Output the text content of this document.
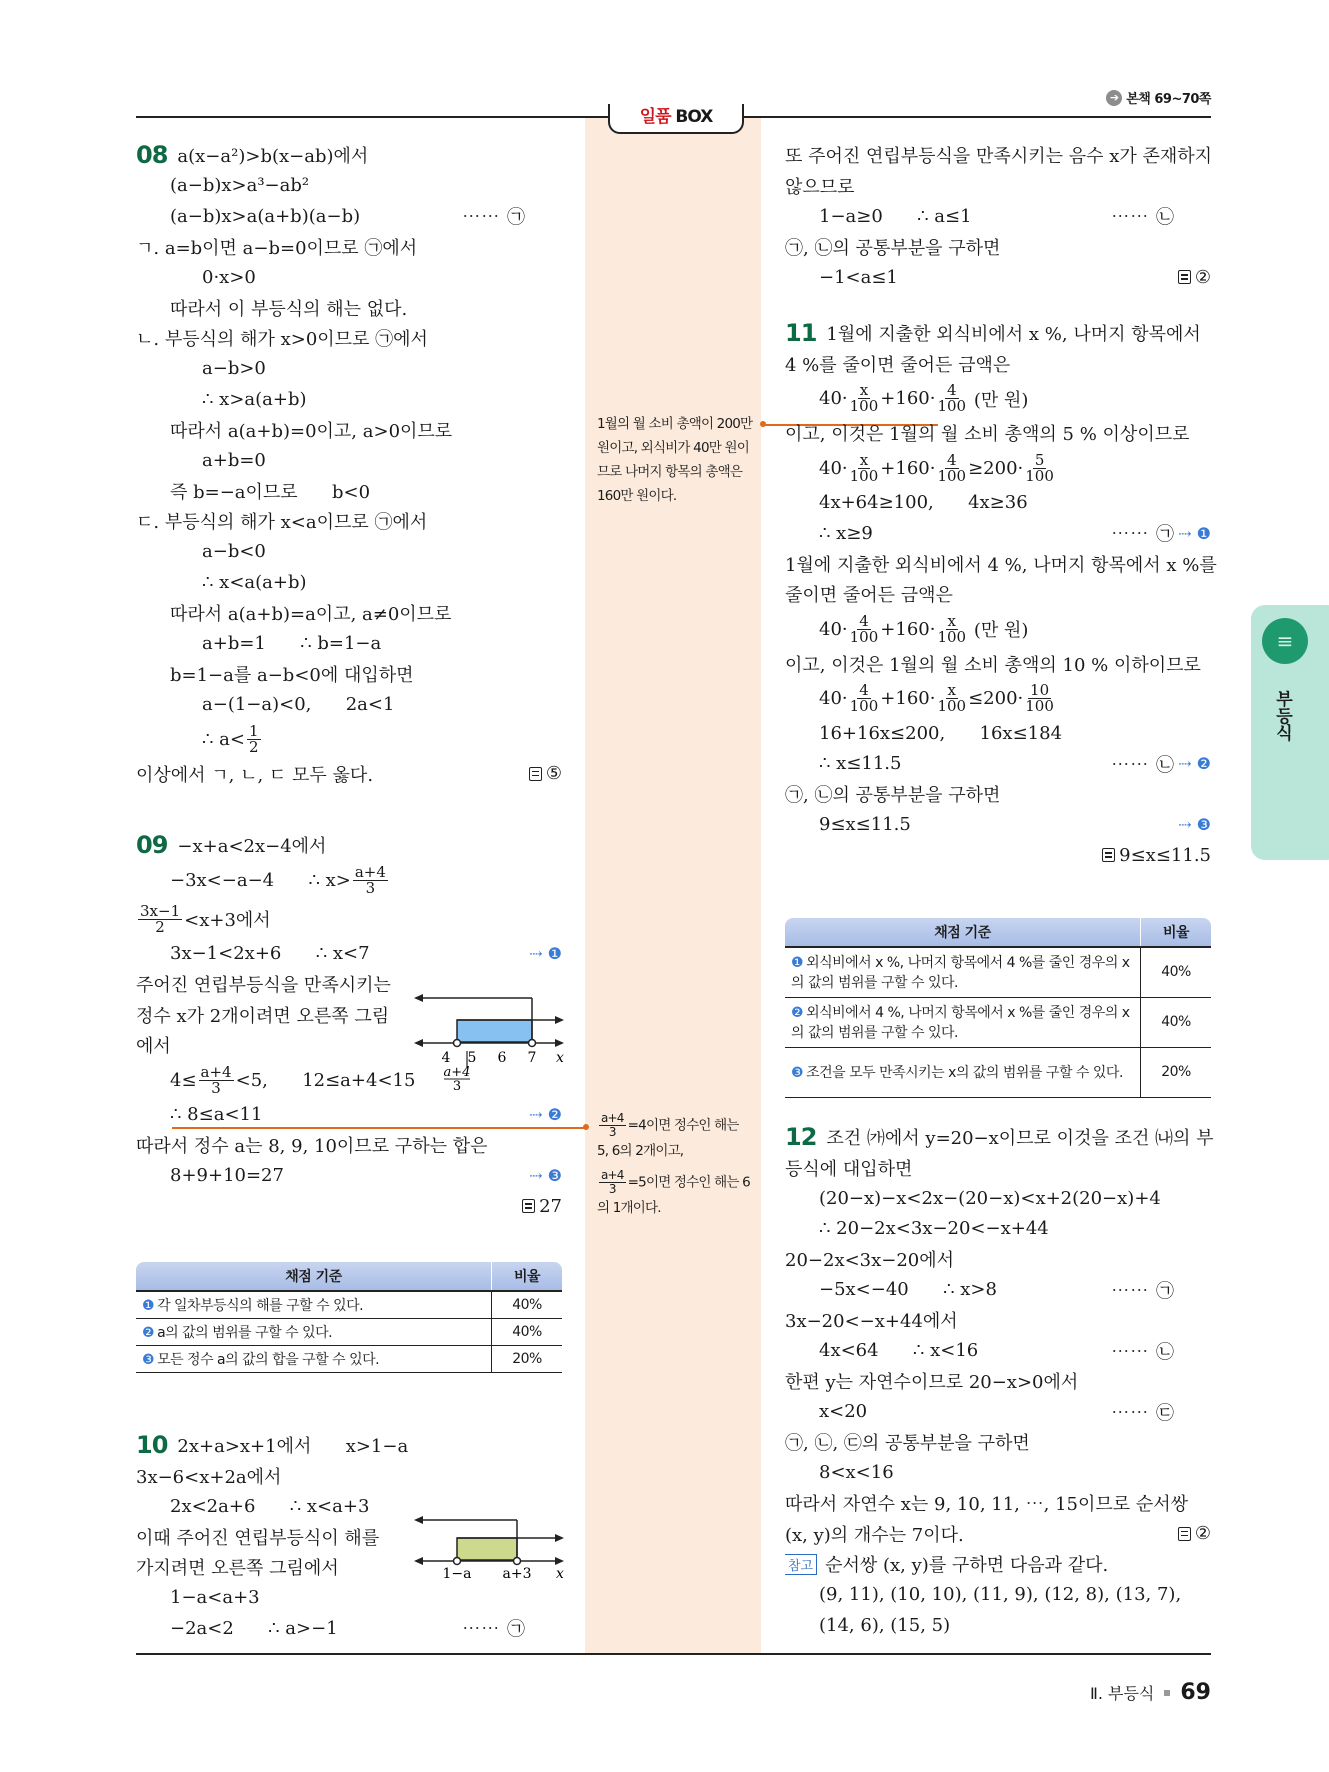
일품 BOX
➔ 본책 69~70쪽
08 a(x−a²)>b(x−ab)에서
(a−b)x>a³−ab²
(a−b)x>a(a+b)(a−b)	⋯⋯ ㉠
ㄱ. a=b이면 a−b=0이므로 ㉠에서
0·x>0
따라서 이 부등식의 해는 없다.
ㄴ. 부등식의 해가 x>0이므로 ㉠에서
a−b>0
∴ x>a(a+b)
따라서 a(a+b)=0이고, a>0이므로
a+b=0
즉 b=−a이므로      b<0
ㄷ. 부등식의 해가 x<a이므로 ㉠에서
a−b<0
∴ x<a(a+b)
따라서 a(a+b)=a이고, a≠0이므로
a+b=1      ∴ b=1−a
b=1−a를 a−b<0에 대입하면
a−(1−a)<0,      2a<1
∴ $a< \frac{1}{2}$
이상에서 ㄱ, ㄴ, ㄷ 모두 옳다.	⑤
09 −x+a<2x−4에서
−3x<−a−4      ∴ $x> \frac{a+4}{3}$
$\frac{3x-1}{2} <x+3$에서
3x−1<2x+6      ∴ x<7	⇢ ❶
주어진 연립부등식을 만족시키는
정수 x가 2개이려면 오른쪽 그림
에서
$4\le \frac{a+4}{3} <5$,      12≤a+4<15
∴ 8≤a<11	⇢ ❷
따라서 정수 a는 8, 9, 10이므로 구하는 합은
8+9+10=27	⇢ ❸
27
10 2x+a>x+1에서      x>1−a
3x−6<x+2a에서
2x<2a+6      ∴ x<a+3
이때 주어진 연립부등식이 해를
가지려면 오른쪽 그림에서
1−a<a+3
−2a<2      ∴ a>−1	⋯⋯ ㉠
4 5 6 7 x
a+4
3
1−a a+3 x
채점 기준	비율
❶ 각 일차부등식의 해를 구할 수 있다.	40%
❷ a의 값의 범위를 구할 수 있다.	40%
❸ 모든 정수 a의 값의 합을 구할 수 있다.	20%
1월의 월 소비 총액이 200만 원이고, 외식비가 40만 원이므로 나머지 항목의 총액은 160만 원이다.
$\frac{a+4}{3} =4$이면 정수인 해는 5, 6의 2개이고,
$\frac{a+4}{3} =5$이면 정수인 해는 6의 1개이다.
또 주어진 연립부등식을 만족시키는 음수 x가 존재하지
않으므로
1−a≥0      ∴ a≤1	⋯⋯ ㉡
㉠, ㉡의 공통부분을 구하면
−1<a≤1	②
11 1월에 지출한 외식비에서 x %, 나머지 항목에서
4 %를 줄이면 줄어든 금액은
$40\cdot \frac{x}{100} +160\cdot \frac{4}{100}$ (만 원)
이고, 이것은 1월의 월 소비 총액의 5 % 이상이므로
$40\cdot \frac{x}{100} +160\cdot \frac{4}{100} \ge 200\cdot \frac{5}{100}$
4x+64≥100,      4x≥36
∴ x≥9	⋯⋯ ㉠ ⇢ ❶
1월에 지출한 외식비에서 4 %, 나머지 항목에서 x %를
줄이면 줄어든 금액은
$40\cdot \frac{4}{100} +160\cdot \frac{x}{100}$ (만 원)
이고, 이것은 1월의 월 소비 총액의 10 % 이하이므로
$40\cdot \frac{4}{100} +160\cdot \frac{x}{100} \le 200\cdot \frac{10}{100}$
16+16x≤200,      16x≤184
∴ x≤11.5	⋯⋯ ㉡ ⇢ ❷
㉠, ㉡의 공통부분을 구하면
9≤x≤11.5	⇢ ❸
9≤x≤11.5
12 조건 ㈎에서 y=20−x이므로 이것을 조건 ㈏의 부
등식에 대입하면
(20−x)−x<2x−(20−x)<x+2(20−x)+4
∴ 20−2x<3x−20<−x+44
20−2x<3x−20에서
−5x<−40      ∴ x>8	⋯⋯ ㉠
3x−20<−x+44에서
4x<64      ∴ x<16	⋯⋯ ㉡
한편 y는 자연수이므로 20−x>0에서
x<20	⋯⋯ ㉢
㉠, ㉡, ㉢의 공통부분을 구하면
8<x<16
따라서 자연수 x는 9, 10, 11, ⋯, 15이므로 순서쌍
(x, y)의 개수는 7이다.	②
참고 순서쌍 (x, y)를 구하면 다음과 같다.
(9, 11), (10, 10), (11, 9), (12, 8), (13, 7),
(14, 6), (15, 5)
채점 기준	비율
❶ 외식비에서 x %, 나머지 항목에서 4 %를 줄인 경우의 x의 값의 범위를 구할 수 있다.	40%
❷ 외식비에서 4 %, 나머지 항목에서 x %를 줄인 경우의 x의 값의 범위를 구할 수 있다.	40%
❸ 조건을 모두 만족시키는 x의 값의 범위를 구할 수 있다.	20%
≡
부등식
Ⅱ. 부등식 69
